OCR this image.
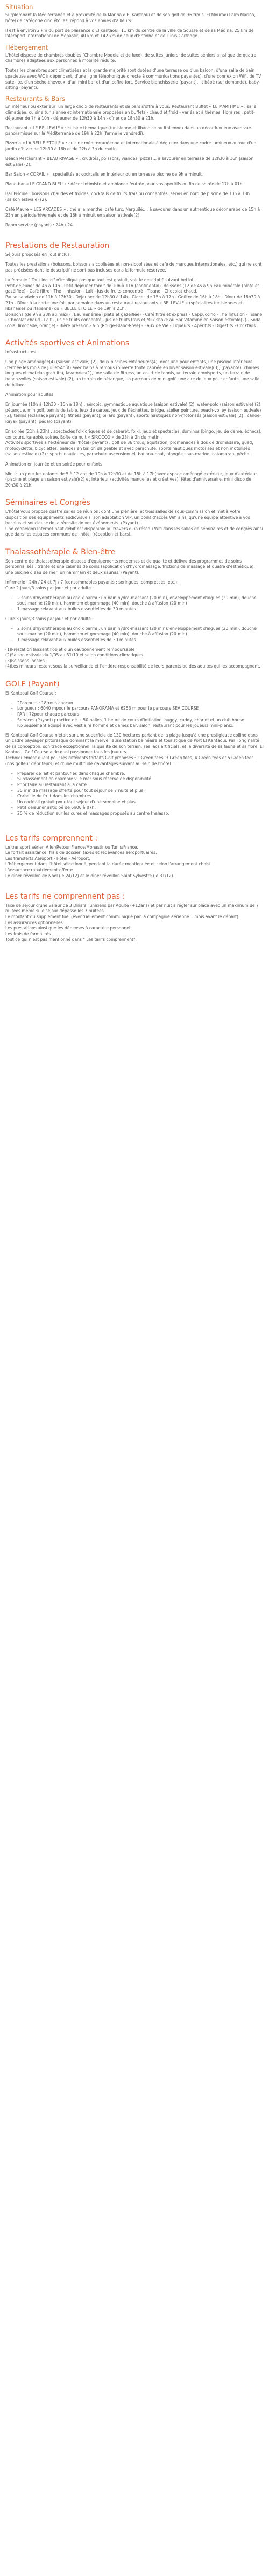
Situation

Surplombant la Méditerranée et à proximité de la Marina d'El Kantaoui et de son golf de 36 trous, El Mouradi Palm Marina, hôtel de catégorie cinq étoiles, répond à vos envies d'ailleurs.

Il est à environ 2 km du port de plaisance d'El Kantaoui, 11 km du centre de la ville de Sousse et de sa Médina, 25 km de l'Aéroport International de Monastir, 40 km et 142 km de ceux d'Enfidha et de Tunis-Carthage.

Hébergement

L'hôtel dispose de chambres doubles (Chambre Modèle et de luxe), de suites juniors, de suites séniors ainsi que de quatre chambres adaptées aux personnes à mobilité réduite.

Toutes les chambres sont climatisées et la grande majorité sont dotées d'une terrasse ou d'un balcon, d'une salle de bain spacieuse avec WC indépendant, d'une ligne téléphonique directe à communications payantes), d'une connexion Wifi, de TV satellite, d'un sèche-cheveux, d'un mini bar et d'un coffre-fort. Service blanchisserie (payant), lit bébé (sur demande), baby-sitting (payant).

Restaurants & Bars

En intérieur ou extérieur, un large choix de restaurants et de bars s'offre à vous: Restaurant Buffet « LE MARITIME » : salle climatisée, cuisine tunisienne et internationale proposées en buffets - chaud et froid - variés et à thèmes. Horaires : petit-déjeuner de 7h à 10h - déjeuner de 12h30 à 14h - dîner de 18h30 à 21h.

Restaurant « LE BELLEVUE » : cuisine thématique (tunisienne et libanaise ou italienne) dans un décor luxueux avec vue panoramique sur la Méditerranée de 19h à 22h (fermé le vendredi).

Pizzeria « LA BELLE ETOILE » : cuisine méditerranéenne et internationale à déguster dans une cadre lumineux autour d'un jardin d'hiver de 12h30 à 16h et de 22h à 3h du matin.

Beach Restaurant « BEAU RIVAGE » : crudités, poissons, viandes, pizzas… à savourer en terrasse de 12h30 à 16h (saison estivale) (2).

Bar Salon « CORAIL » : spécialités et cocktails en intérieur ou en terrasse piscine de 9h à minuit.

Piano-bar « LE GRAND BLEU » : décor intimiste et ambiance feutrée pour vos apéritifs ou fin de soirée de 17h à 01h.

Bar Piscine : boissons chaudes et froides, cocktails de fruits frais ou concentrés, servis en bord de piscine de 10h à 18h (saison estivale) (2).

Café Maure « LES ARCADES » : thé à la menthe, café turc, Narguilé…, à savourer dans un authentique décor arabe de 15h à 23h en période hivernale et de 16h à minuit en saison estivale(2).

Room service (payant) : 24h / 24.

Prestations de Restauration

Séjours proposés en Tout inclus.

Toutes les prestations (boissons, boissons alcoolisées et non-alcoolisées et café de marques internationales, etc.) qui ne sont pas précisées dans le descriptif ne sont pas incluses dans la formule réservée.

La formule " Tout inclus" n'implique pas que tout est gratuit, voir le descriptif suivant bel loi :
Petit-déjeuner de 4h à 10h - Petit-déjeuner tardif de 10h à 11h (continental). Boissons (12 de 4s à 9h Eau minérale (plate et gazéifiée) - Café filtre - Thé - Infusion - Lait - Jus de fruits concentré - Tisane - Chocolat chaud.
Pause sandwich de 11h à 12h30 - Déjeuner de 12h30 à 14h - Glaces de 15h à 17h - Goûter de 16h à 18h - Dîner de 18h30 à 21h - Dîner à la carte une fois par semaine dans un restaurant restaurants « BELLEVUE » (spécialités tunisiennes et libanaises ou italienne) ou « BELLE ETOILE » de 19h à 21h.
Boissons (de 9h à 23h au maxi) : Eau minérale (plate et gazéifiée) - Café filtre et express - Cappuccino - Thé Infusion - Tisane - Chocolat chaud - Lait - Jus de fruits concentré - Jus de fruits frais et Milk shake au Bar Vitaminé en Saison estivale(2) - Soda (cola, limonade, orange) - Bière pression - Vin (Rouge-Blanc-Rosé) - Eaux de Vie - Liqueurs - Apéritifs - Digestifs - Cocktails.

Activités sportives et Animations

Infrastructures

Une plage aménagée(4) (saison estivale) (2), deux piscines extérieures(4), dont une pour enfants, une piscine intérieure (fermée les mois de Juillet-Août) avec bains à remous (ouverte toute l'année en hiver saison estivale)(3), (payante), chaises longues et matelas gratuits), lavatories(1), une salle de fitness, un court de tennis, un terrain omnisports, un terrain de beach-volley (saison estivale) (2), un terrain de pétanque, un parcours de mini-golf, une aire de jeux pour enfants, une salle de billard.

Animation pour adultes

En journée (10h à 12h30 - 15h à 18h) : aérobic, gymnastique aquatique (saison estivale) (2), water-polo (saison estivale) (2), pétanque, minigolf, tennis de table, jeux de cartes, jeux de fléchettes, bridge, atelier peinture, beach-volley (saison estivale) (2), tennis (éclairage payant), fitness (payant), billard (payant), sports nautiques non-motorisés (saison estivale) (2) : canoë-kayak (payant), pédalo (payant).

En soirée (21h à 23h) : spectacles folkloriques et de cabaret, folkl, jeux et spectacles, dominos (bingo, jeu de dame, échecs), concours, karaoké, soirée. Boîte de nuit « SIROCCO » de 23h à 2h du matin.
Activités sportives à l'extérieur de l'hôtel (payant) : golf de 36 trous, équitation, promenades à dos de dromadaire, quad, motocyclette, bicyclettes, balades en ballon dirigeable et avec parachute, sports nautiques motorisés et non motorisés (saison estivale) (2) : sports nautiques, parachute ascensionnel, banana-boat, plongée sous-marine, catamaran, pêche.

Animation en journée et en soirée pour enfants

Mini-club pour les enfants de 5 à 12 ans de 10h à 12h30 et de 15h à 17h(avec espace aménagé extérieur, jeux d'extérieur (piscine et plage en saison estivale)(2) et intérieur (activités manuelles et créatives), fêtes d'anniversaire, mini disco de 20h30 à 21h.

Séminaires et Congrès

L'hôtel vous propose quatre salles de réunion, dont une plénière, et trois salles de sous-commission et met à votre disposition des équipements audiovisuels, son adaptation VIP, un point d'accès Wifi ainsi qu'une équipe attentive à vos besoins et soucieuse de la réussite de vos événements. (Payant).
Une connexion Internet haut débit est disponible au travers d'un réseau Wifi dans les salles de séminaires et de congrès ainsi que dans les espaces communs de l'hôtel (réception et bars).

Thalassothérapie & Bien-être

Son centre de thalassothérapie dispose d'équipements modernes et de qualité et délivre des programmes de soins personnalisés : trente et une cabines de soins (application d'hydromassage, frictions de massage et quatre d'esthétique), une piscine d'eau de mer, un hammam et deux saunas. (Payant).

Infirmerie : 24h / 24 et 7j / 7 (consommables payants : seringues, compresses, etc.).
Cure 2 jours/3 soins par jour et par adulte :

– 2 soins d'hydrothérapie au choix parmi : un bain hydro-massant (20 min), enveloppement d'algues (20 min), douche sous-marine (20 min), hammam et gommage (40 min), douche à affusion (20 min)
– 1 massage relaxant aux huiles essentielles de 30 minutes.

Cure 3 jours/3 soins par jour et par adulte :

– 2 soins d'hydrothérapie au choix parmi : un bain hydro-massant (20 min), enveloppement d'algues (20 min), douche sous-marine (20 min), hammam et gommage (40 min), douche à affusion (20 min)
– 1 massage relaxant aux huiles essentielles de 30 minutes.

(1)Prestation laissant l'objet d'un cautionnement remboursable
(2)Saison estivale du 1/05 au 31/10 et selon conditions climatiques
(3)Boissons locales
(4)Les mineurs restent sous la surveillance et l'entière responsabilité de leurs parents ou des adultes qui les accompagnent.

GOLF (Payant)

El Kantaoui Golf Course :

– 2Parcours : 18trous chacun
– Longueur : 6040 mpour le parcours PANORAMA et 6253 m pour le parcours SEA COURSE
– PAR : 72pour chaque parcours
– Services (Payant) practice de + 50 balles, 1 heure de cours d'initiation, buggy, caddy, chariot et un club house luxueusement équipé avec vestiaire homme et dames bar, salon, restaurant pour les joueurs mini-plenix.

El Kantaoui Golf Course n'était sur une superficie de 130 hectares partant de la plage jusqu'à une prestigieuse colline dans un cadre paysager pittoresque dominant la merveilleuse station balnéaire et touristique de Port El Kantaoui. Par l'originalité de sa conception, son tracé exceptionnel, la qualité de son terrain, ses lacs artificiels, et la diversité de sa faune et sa flore, El Kantaoui Golf Course a de quoi passionner tous les joueurs.
Techniquement qualif pour les différents fortaits Golf proposés : 2 Green fees, 3 Green fees, 4 Green fees et 5 Green fees… (nos golfeur débrifeurs) et d'une multitude davantages suivant au sein de l'hôtel :

– Préparer de lait et pantoufles dans chaque chambre.
– Surclassement en chambre vue mer sous réserve de disponibilité.
– Prioritaire au restaurant à la carte.
– 30 min de massage offerte pour tout séjour de 7 nuits et plus.
– Corbeille de fruit dans les chambres.
– Un cocktail gratuit pour tout séjour d'une semaine et plus.
– Petit déjeuner anticipé de 6h00 à 07h.
– 20 % de réduction sur les cures et massages proposés au centre thalasso.
Les tarifs comprennent :

Le transport aérien Aller/Retour France/Monastir ou Tunis/France.
Le forfait assistance, frais de dossier, taxes et redevances aéroportuaires.
Les transferts Aéroport - Hôtel - Aéroport.
L'hébergement dans l'hôtel sélectionné, pendant la durée mentionnée et selon l'arrangement choisi.
L'assurance rapatriement offerte.
Le dîner réveillon de Noël (le 24/12) et le dîner réveillon Saint Sylvestre (le 31/12).

Les tarifs ne comprennent pas :

Taxe de séjour d'une valeur de 3 Dinars Tunisiens par Adulte (+12ans) et par nuit à régler sur place avec un maximum de 7 nuitées même si le séjour dépasse les 7 nuitées.
Le montant du supplément fuel (éventuellement communiqué par la compagnie aérienne 1 mois avant le départ).
Les assurances optionnelles.
Les prestations ainsi que les dépenses à caractère personnel.
Les frais de formalités.
Tout ce qui n'est pas mentionné dans " Les tarifs comprennent".
